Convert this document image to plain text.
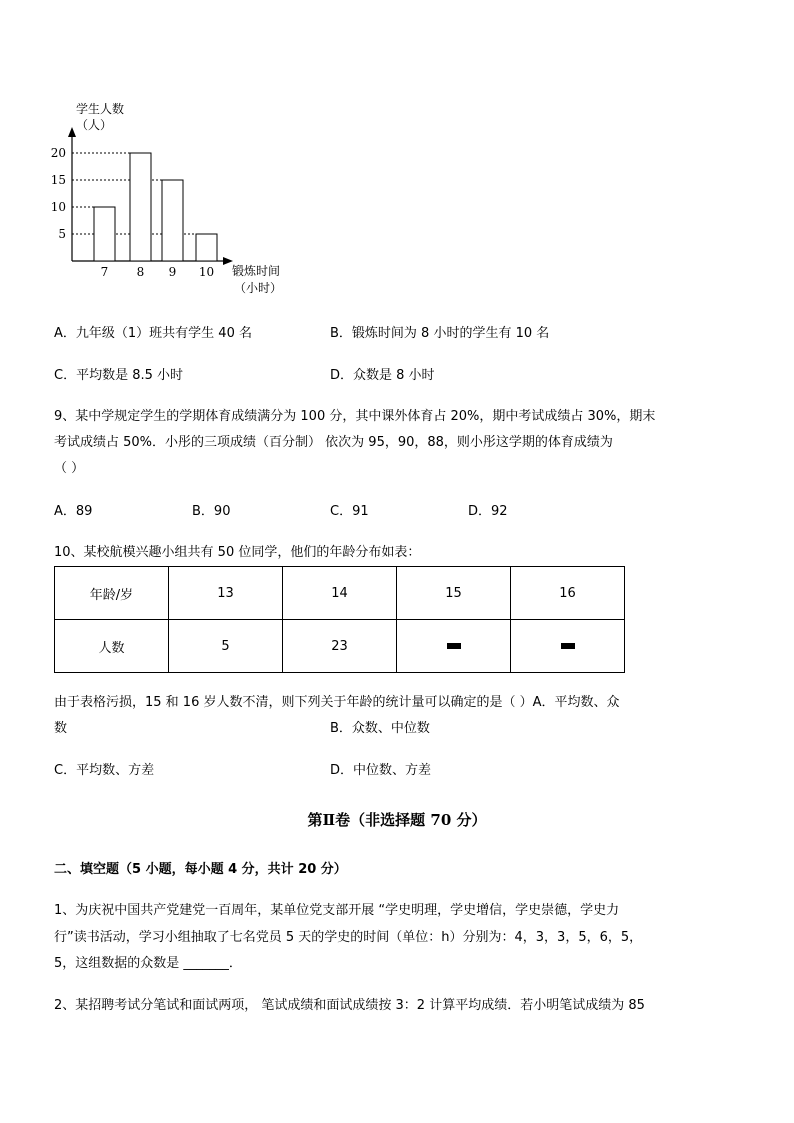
学生人数
（人）
5
10
15
20
7 8 9 10 锻炼时间
（小时）
A．九年级（1）班共有学生 40 名	B．锻炼时间为 8 小时的学生有 10 名
C．平均数是 8.5 小时	D．众数是 8 小时
9、某中学规定学生的学期体育成绩满分为 100 分，其中课外体育占 20%，期中考试成绩占 30%，期末
考试成绩占 50%．小彤的三项成绩（百分制） 依次为 95，90，88，则小彤这学期的体育成绩为
（ ）
A．89	B．90	C．91	D．92
10、某校航模兴趣小组共有 50 位同学，他们的年龄分布如表：
年龄/岁	13	14	15	16
人数	5	23		
由于表格污损，15 和 16 岁人数不清，则下列关于年龄的统计量可以确定的是（ ）A．平均数、众
数	B．众数、中位数
C．平均数、方差	D．中位数、方差
第Ⅱ卷（非选择题 70 分）
二、填空题（5 小题，每小题 4 分，共计 20 分）
1、为庆祝中国共产党建党一百周年，某单位党支部开展 “学史明理，学史增信，学史崇德，学史力
行”读书活动，学习小组抽取了七名党员 5 天的学史的时间（单位：h）分别为：4，3，3，5，6，5，
5，这组数据的众数是 _______．
2、某招聘考试分笔试和面试两项， 笔试成绩和面试成绩按 3：2 计算平均成绩．若小明笔试成绩为 85
